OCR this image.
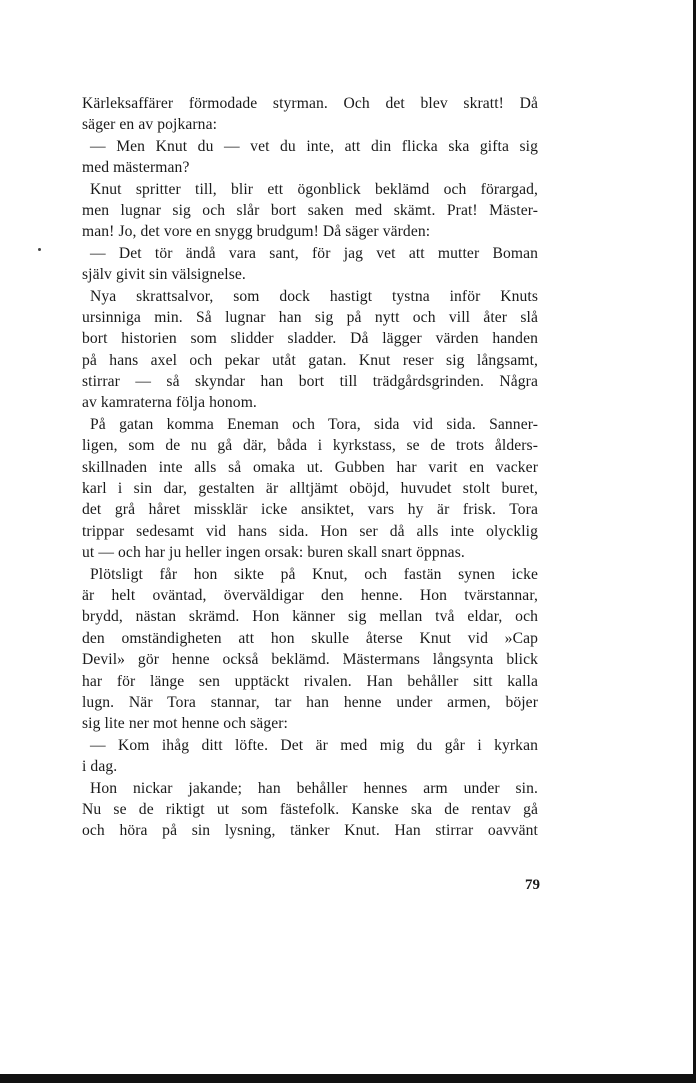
Kärleksaffärer förmodade styrman. Och det blev skratt! Då
säger en av pojkarna:
— Men Knut du — vet du inte, att din flicka ska gifta sig
med mästerman?
Knut spritter till, blir ett ögonblick beklämd och förargad,
men lugnar sig och slår bort saken med skämt. Prat! Mäster-
man! Jo, det vore en snygg brudgum! Då säger värden:
— Det tör ändå vara sant, för jag vet att mutter Boman
själv givit sin välsignelse.
Nya skrattsalvor, som dock hastigt tystna inför Knuts
ursinniga min. Så lugnar han sig på nytt och vill åter slå
bort historien som slidder sladder. Då lägger värden handen
på hans axel och pekar utåt gatan. Knut reser sig långsamt,
stirrar — så skyndar han bort till trädgårdsgrinden. Några
av kamraterna följa honom.
På gatan komma Eneman och Tora, sida vid sida. Sanner-
ligen, som de nu gå där, båda i kyrkstass, se de trots ålders-
skillnaden inte alls så omaka ut. Gubben har varit en vacker
karl i sin dar, gestalten är alltjämt oböjd, huvudet stolt buret,
det grå håret missklär icke ansiktet, vars hy är frisk. Tora
trippar sedesamt vid hans sida. Hon ser då alls inte olycklig
ut — och har ju heller ingen orsak: buren skall snart öppnas.
Plötsligt får hon sikte på Knut, och fastän synen icke
är helt oväntad, överväldigar den henne. Hon tvärstannar,
brydd, nästan skrämd. Hon känner sig mellan två eldar, och
den omständigheten att hon skulle återse Knut vid »Cap
Devil» gör henne också beklämd. Mästermans långsynta blick
har för länge sen upptäckt rivalen. Han behåller sitt kalla
lugn. När Tora stannar, tar han henne under armen, böjer
sig lite ner mot henne och säger:
— Kom ihåg ditt löfte. Det är med mig du går i kyrkan
i dag.
Hon nickar jakande; han behåller hennes arm under sin.
Nu se de riktigt ut som fästefolk. Kanske ska de rentav gå
och höra på sin lysning, tänker Knut. Han stirrar oavvänt
79
